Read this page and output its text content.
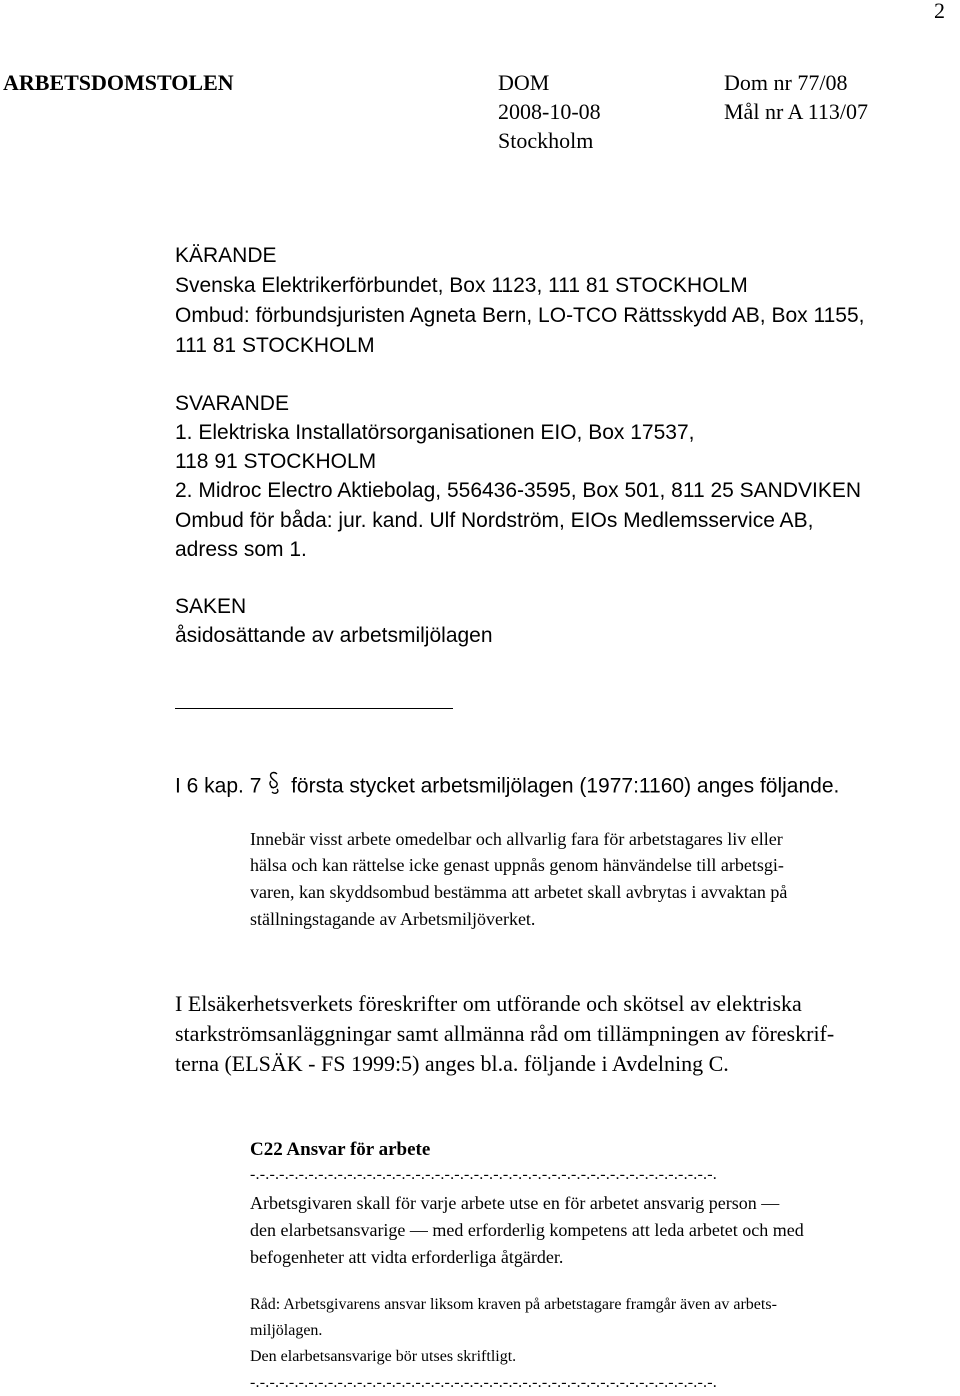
2
ARBETSDOMSTOLEN	DOM
2008-10-08
Stockholm
Dom nr 77/08
Mål nr A 113/07
KÄRANDE
Svenska Elektrikerförbundet, Box 1123, 111 81 STOCKHOLM
Ombud: förbundsjuristen Agneta Bern, LO-TCO Rättsskydd AB, Box 1155,
111 81 STOCKHOLM
SVARANDE
1. Elektriska Installatörsorganisationen EIO, Box 17537,
118 91 STOCKHOLM
2. Midroc Electro Aktiebolag, 556436-3595, Box 501, 811 25 SANDVIKEN
Ombud för båda: jur. kand. Ulf Nordström, EIOs Medlemsservice AB,
adress som 1.
SAKEN
åsidosättande av arbetsmiljölagen
I 6 kap. 7 första stycket arbetsmiljölagen (1977:1160) anges följande.
Innebär visst arbete omedelbar och allvarlig fara för arbetstagares liv eller
hälsa och kan rättelse icke genast uppnås genom hänvändelse till arbetsgi-
varen, kan skyddsombud bestämma att arbetet skall avbrytas i avvaktan på
ställningstagande av Arbetsmiljöverket.
I Elsäkerhetsverkets föreskrifter om utförande och skötsel av elektriska
starkströmsanläggningar samt allmänna råd om tillämpningen av föreskrif-
terna (ELSÄK - FS 1999:5) anges bl.a. följande i Avdelning C.
C22 Ansvar för arbete
-.-.-.-.-.-.-.-.-.-.-.-.-.-.-.-.-.-.-.-.-.-.-.-.-.-.-.-.-.-.-.-.-.-.-.-.-.-.-.-.-.-.-.-.-.-.-.-.
Arbetsgivaren skall för varje arbete utse en för arbetet ansvarig person —
den elarbetsansvarige — med erforderlig kompetens att leda arbetet och med
befogenheter att vidta erforderliga åtgärder.
Råd: Arbetsgivarens ansvar liksom kraven på arbetstagare framgår även av arbets-
miljölagen.
Den elarbetsansvarige bör utses skriftligt.
-.-.-.-.-.-.-.-.-.-.-.-.-.-.-.-.-.-.-.-.-.-.-.-.-.-.-.-.-.-.-.-.-.-.-.-.-.-.-.-.-.-.-.-.-.-.-.-.
